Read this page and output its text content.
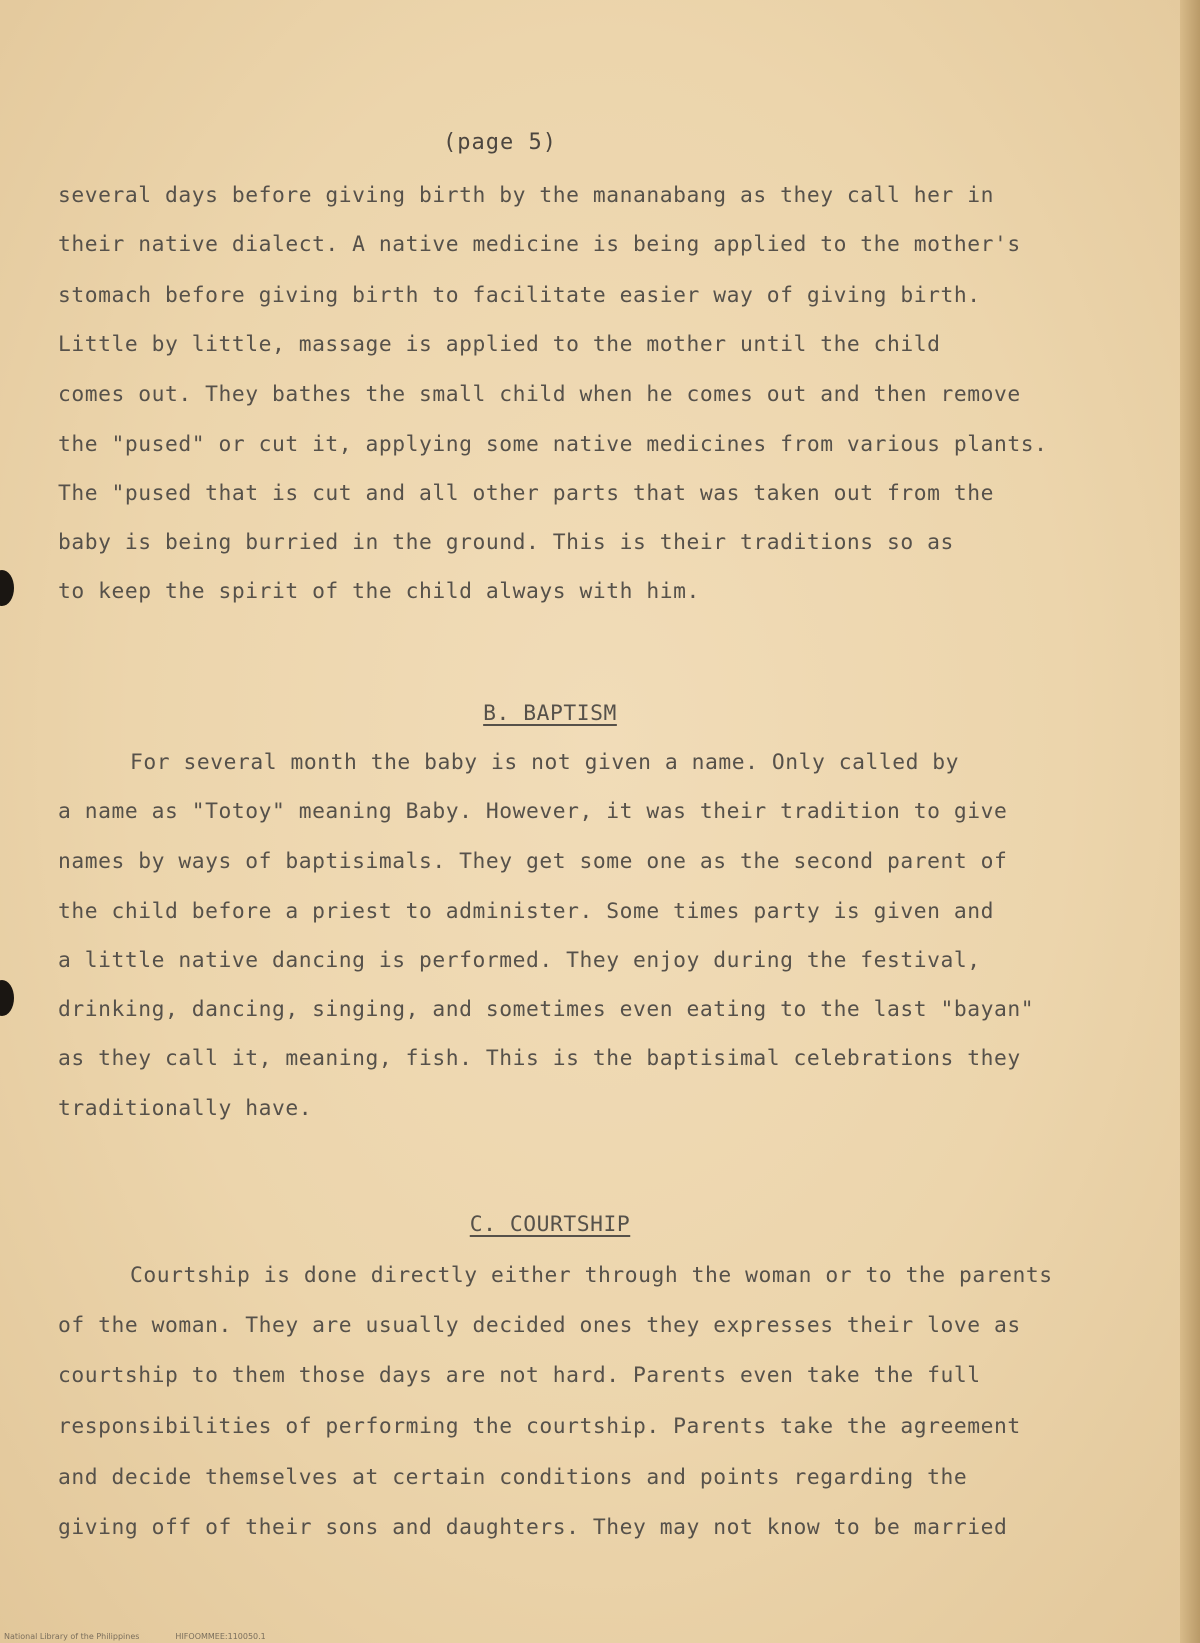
(page 5)
several days before giving birth by the mananabang as they call her in
their native dialect. A native medicine is being applied to the mother's
stomach before giving birth to facilitate easier way of giving birth.
Little by little, massage is applied to the mother until the child
comes out. They bathes the small child when he comes out and then remove
the "pused" or cut it, applying some native medicines from various plants.
The "pused that is cut and all other parts that was taken out from the
baby is being burried in the ground. This is their traditions so as
to keep the spirit of the child always with him.
B. BAPTISM
For several month the baby is not given a name. Only called by
a name as "Totoy" meaning Baby. However, it was their tradition to give
names by ways of baptisimals. They get some one as the second parent of
the child before a priest to administer. Some times party is given and
a little native dancing is performed. They enjoy during the festival,
drinking, dancing, singing, and sometimes even eating to the last "bayan"
as they call it, meaning, fish. This is the baptisimal celebrations they
traditionally have.
C. COURTSHIP
Courtship is done directly either through the woman or to the parents
of the woman. They are usually decided ones they expresses their love as
courtship to them those days are not hard. Parents even take the full
responsibilities of performing the courtship. Parents take the agreement
and decide themselves at certain conditions and points regarding the
giving off of their sons and daughters. They may not know to be married
National Library of the Philippines	HIFOOMMEE:110050.1
